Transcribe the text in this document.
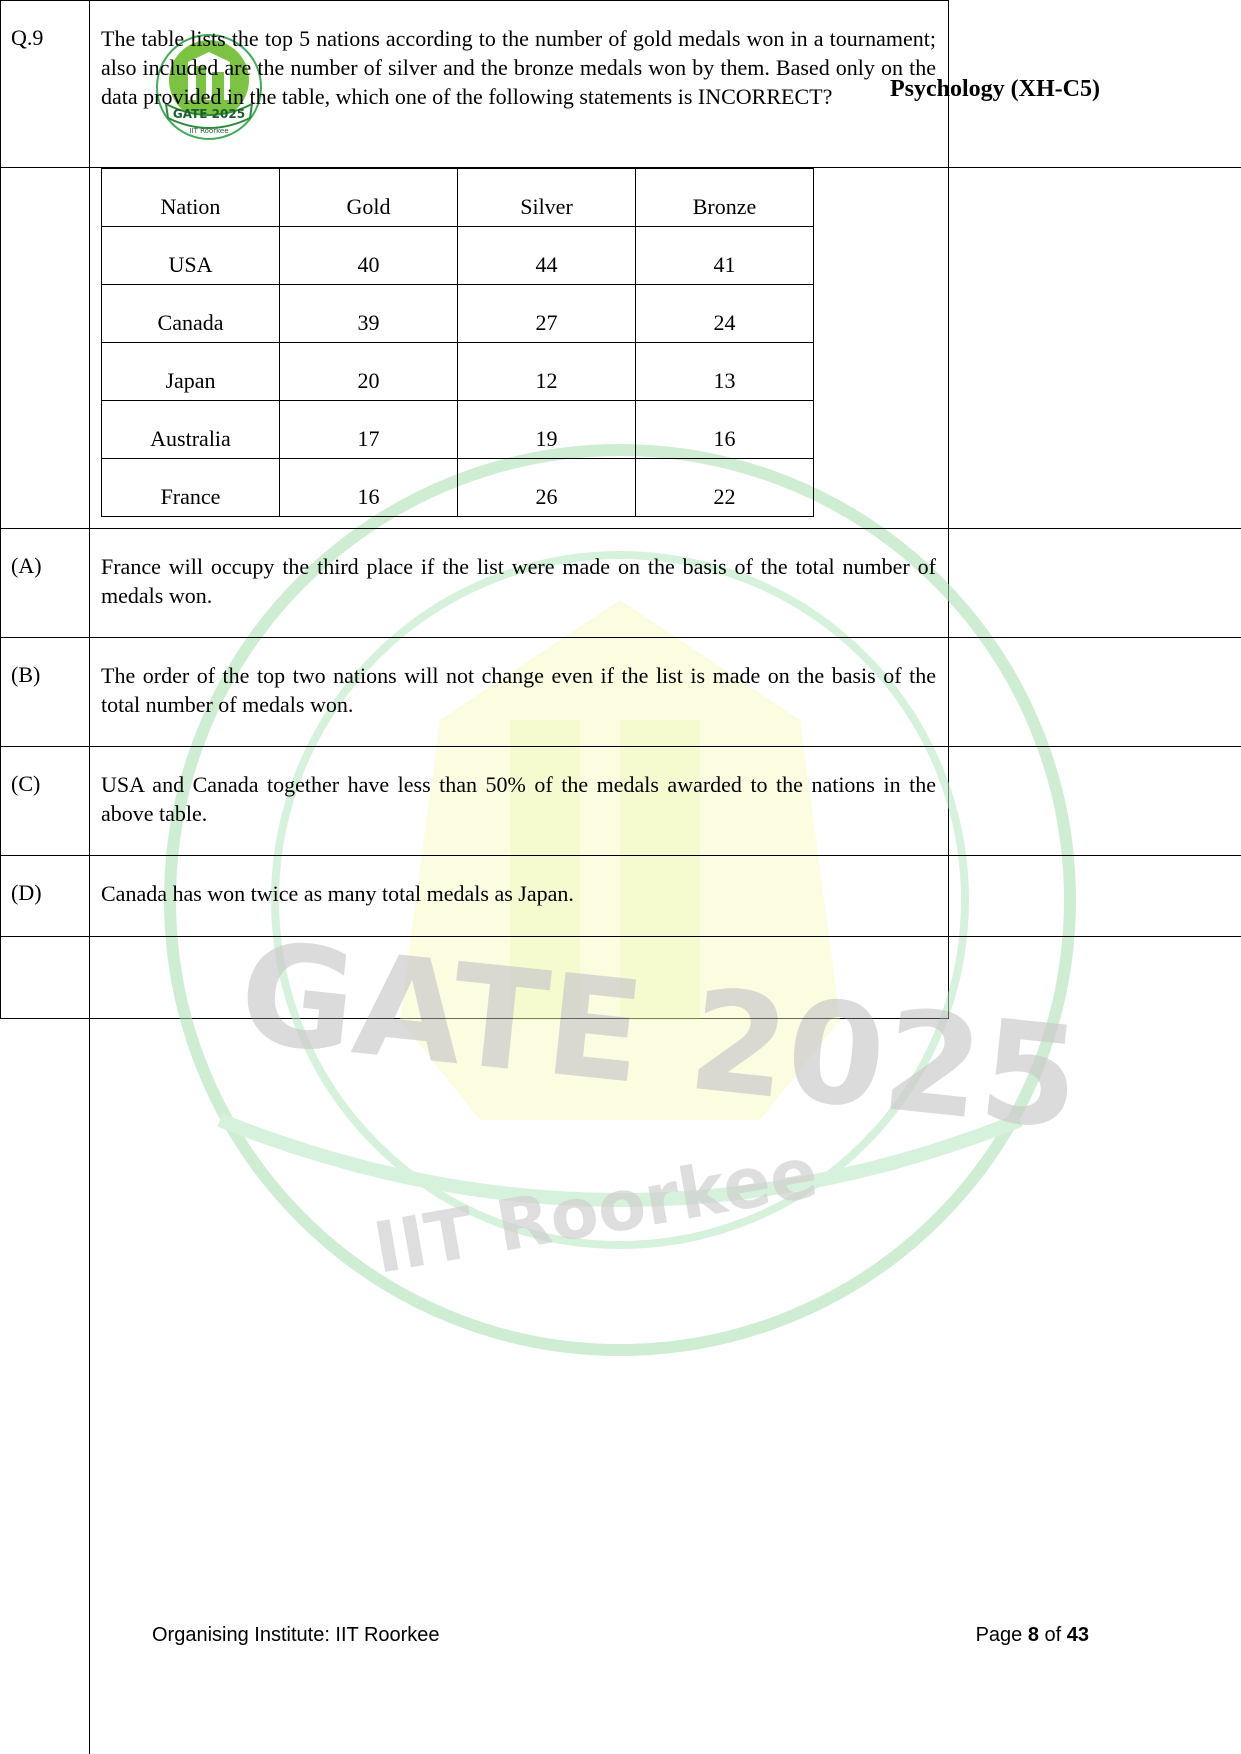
GATE 2025
IIT Roorkee
GATE 2025
IIT Roorkee
Psychology (XH-C5)
Q.9	The table lists the top 5 nations according to the number of gold medals won in a tournament; also included are the number of silver and the bronze medals won by them. Based only on the data provided in the table, which one of the following statements is INCORRECT?
Nation	Gold	Silver	Bronze
USA	40	44	41
Canada	39	27	24
Japan	20	12	13
Australia	17	19	16
France	16	26	22
(A)	France will occupy the third place if the list were made on the basis of the total number of medals won.
(B)	The order of the top two nations will not change even if the list is made on the basis of the total number of medals won.
(C)	USA and Canada together have less than 50% of the medals awarded to the nations in the above table.
(D)	Canada has won twice as many total medals as Japan.
Organising Institute: IIT Roorkee	Page 8 of 43
